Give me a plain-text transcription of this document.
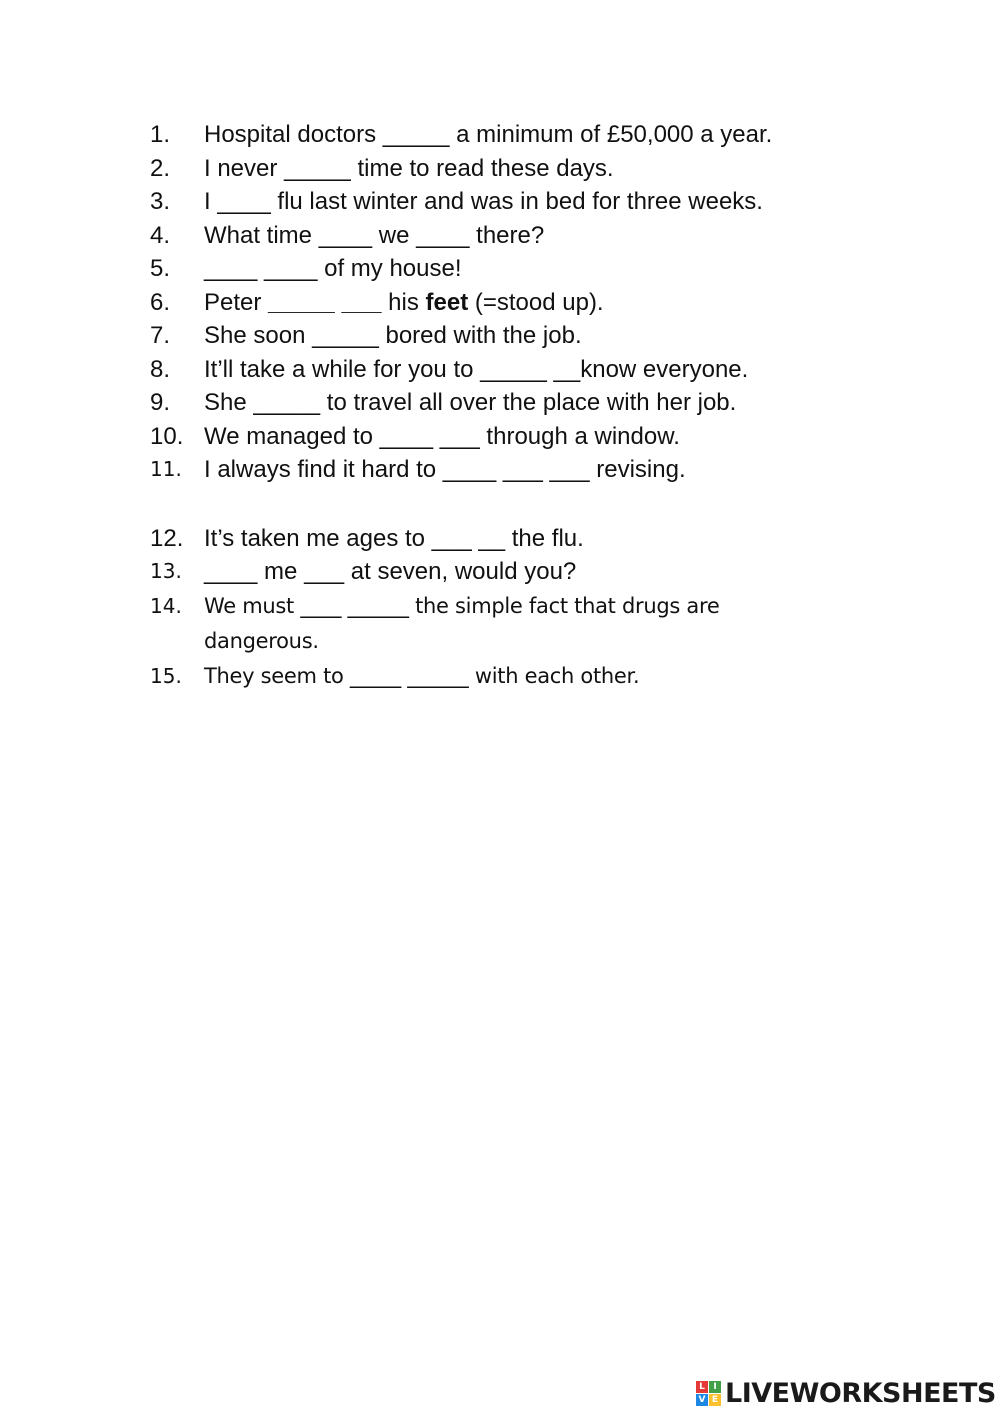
1. Hospital doctors _____ a minimum of £50,000 a year.
2. I never _____ time to read these days.
3. I ____ flu last winter and was in bed for three weeks.
4. What time ____ we ____ there?
5. ____ ____ of my house!
6. Peter _____ ___ his feet (=stood up).
7. She soon _____ bored with the job.
8. It’ll take a while for you to _____ __know everyone.
9. She _____ to travel all over the place with her job.
10. We managed to ____ ___ through a window.
11. I always find it hard to ____ ___ ___ revising.
12. It’s taken me ages to ___ __ the flu.
13. ____ me ___ at seven, would you?
14. We must ____ ______ the simple fact that drugs are
dangerous.
15. They seem to _____ ______ with each other.
L I
V E LIVEWORKSHEETS
